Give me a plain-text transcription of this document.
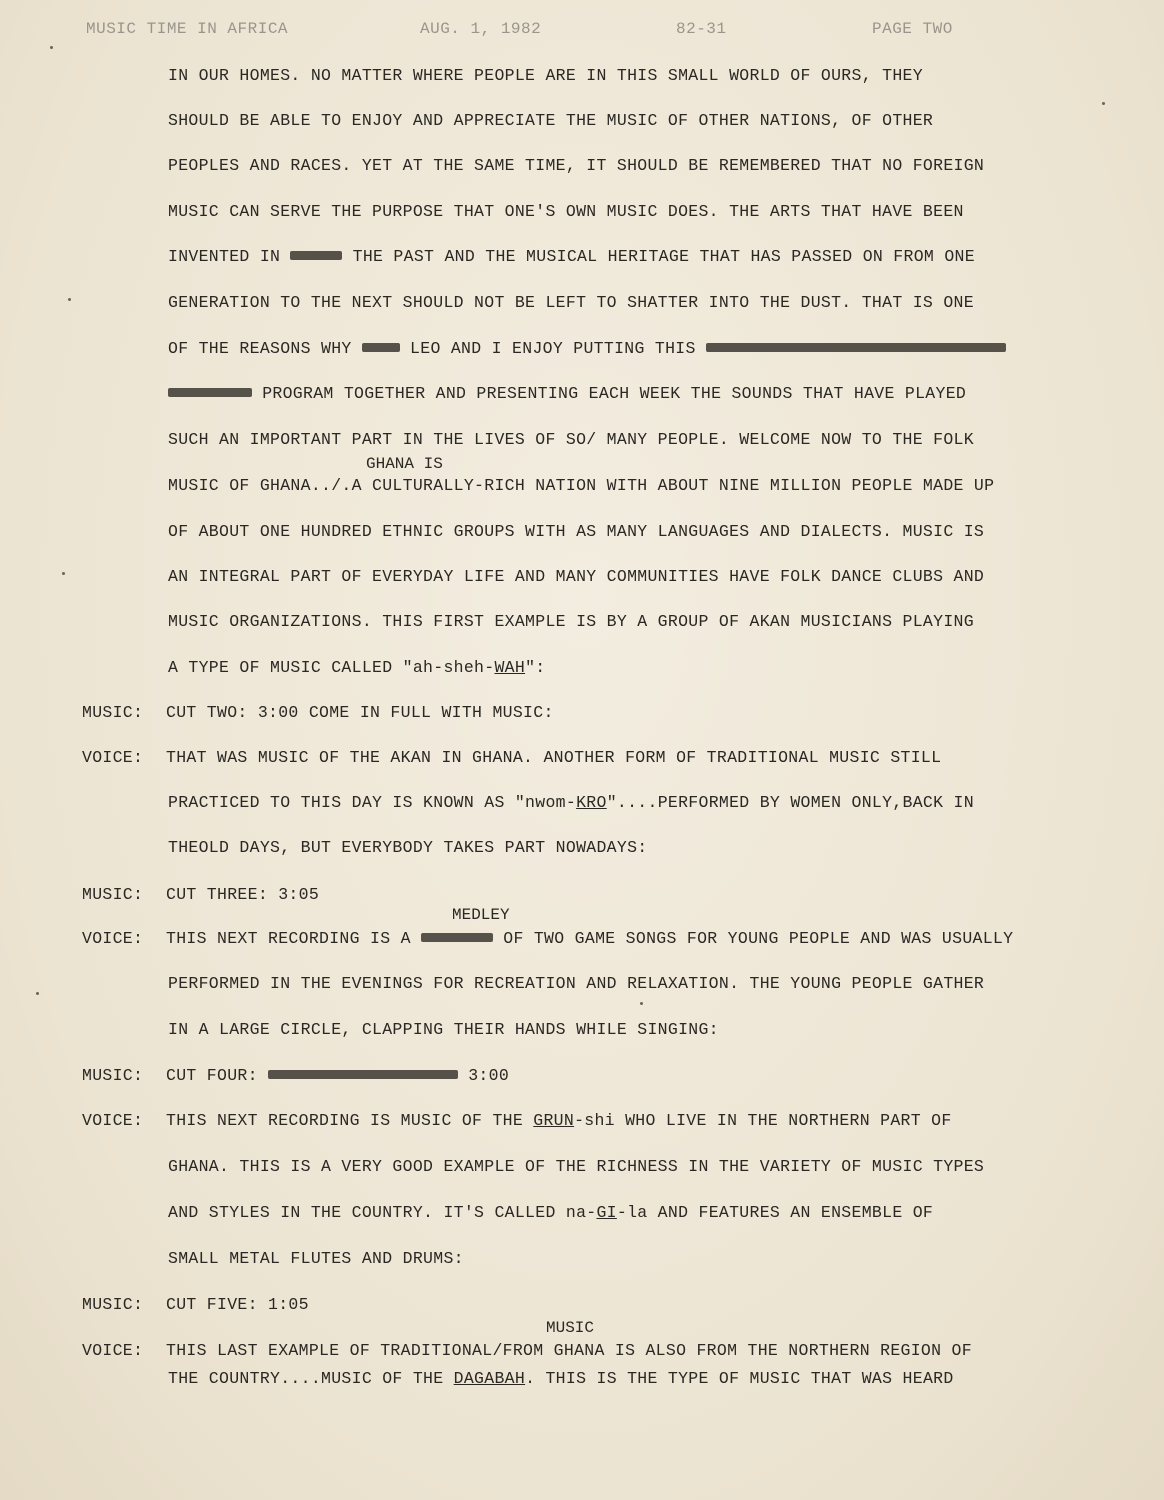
MUSIC TIME IN AFRICA	AUG. 1, 1982	82-31	PAGE TWO
IN OUR HOMES. NO MATTER WHERE PEOPLE ARE IN THIS SMALL WORLD OF OURS, THEY
SHOULD BE ABLE TO ENJOY AND APPRECIATE THE MUSIC OF OTHER NATIONS, OF OTHER
PEOPLES AND RACES. YET AT THE SAME TIME, IT SHOULD BE REMEMBERED THAT NO FOREIGN
MUSIC CAN SERVE THE PURPOSE THAT ONE'S OWN MUSIC DOES. THE ARTS THAT HAVE BEEN
INVENTED IN	THE PAST AND THE MUSICAL HERITAGE THAT HAS PASSED ON FROM ONE
GENERATION TO THE NEXT SHOULD NOT BE LEFT TO SHATTER INTO THE DUST. THAT IS ONE
OF THE REASONS WHY  LEO AND I ENJOY PUTTING THIS
PROGRAM TOGETHER AND PRESENTING EACH WEEK THE SOUNDS THAT HAVE PLAYED
SUCH AN IMPORTANT PART IN THE LIVES OF SO/ MANY PEOPLE. WELCOME NOW TO THE FOLK
GHANA IS
MUSIC OF GHANA../.A CULTURALLY-RICH NATION WITH ABOUT NINE MILLION PEOPLE MADE UP
OF ABOUT ONE HUNDRED ETHNIC GROUPS WITH AS MANY LANGUAGES AND DIALECTS. MUSIC IS
AN INTEGRAL PART OF EVERYDAY LIFE AND MANY COMMUNITIES HAVE FOLK DANCE CLUBS AND
MUSIC ORGANIZATIONS. THIS FIRST EXAMPLE IS BY A GROUP OF AKAN MUSICIANS PLAYING
A TYPE OF MUSIC CALLED "ah-sheh-WAH":
MUSIC: CUT TWO: 3:00 COME IN FULL WITH MUSIC:
VOICE: THAT WAS MUSIC OF THE AKAN IN GHANA. ANOTHER FORM OF TRADITIONAL MUSIC STILL
PRACTICED TO THIS DAY IS KNOWN AS "nwom-KRO"....PERFORMED BY WOMEN ONLY,BACK IN
THEOLD DAYS, BUT EVERYBODY TAKES PART NOWADAYS:
MUSIC: CUT THREE: 3:05
MEDLEY
VOICE: THIS NEXT RECORDING IS A	OF TWO GAME SONGS FOR YOUNG PEOPLE AND WAS USUALLY
PERFORMED IN THE EVENINGS FOR RECREATION AND RELAXATION. THE YOUNG PEOPLE GATHER
IN A LARGE CIRCLE, CLAPPING THEIR HANDS WHILE SINGING:
MUSIC: CUT FOUR:	3:00
VOICE: THIS NEXT RECORDING IS MUSIC OF THE GRUN-shi WHO LIVE IN THE NORTHERN PART OF
GHANA. THIS IS A VERY GOOD EXAMPLE OF THE RICHNESS IN THE VARIETY OF MUSIC TYPES
AND STYLES IN THE COUNTRY. IT'S CALLED na-GI-la AND FEATURES AN ENSEMBLE OF
SMALL METAL FLUTES AND DRUMS:
MUSIC: CUT FIVE: 1:05
MUSIC
VOICE: THIS LAST EXAMPLE OF TRADITIONAL/FROM GHANA IS ALSO FROM THE NORTHERN REGION OF
THE COUNTRY....MUSIC OF THE DAGABAH. THIS IS THE TYPE OF MUSIC THAT WAS HEARD
